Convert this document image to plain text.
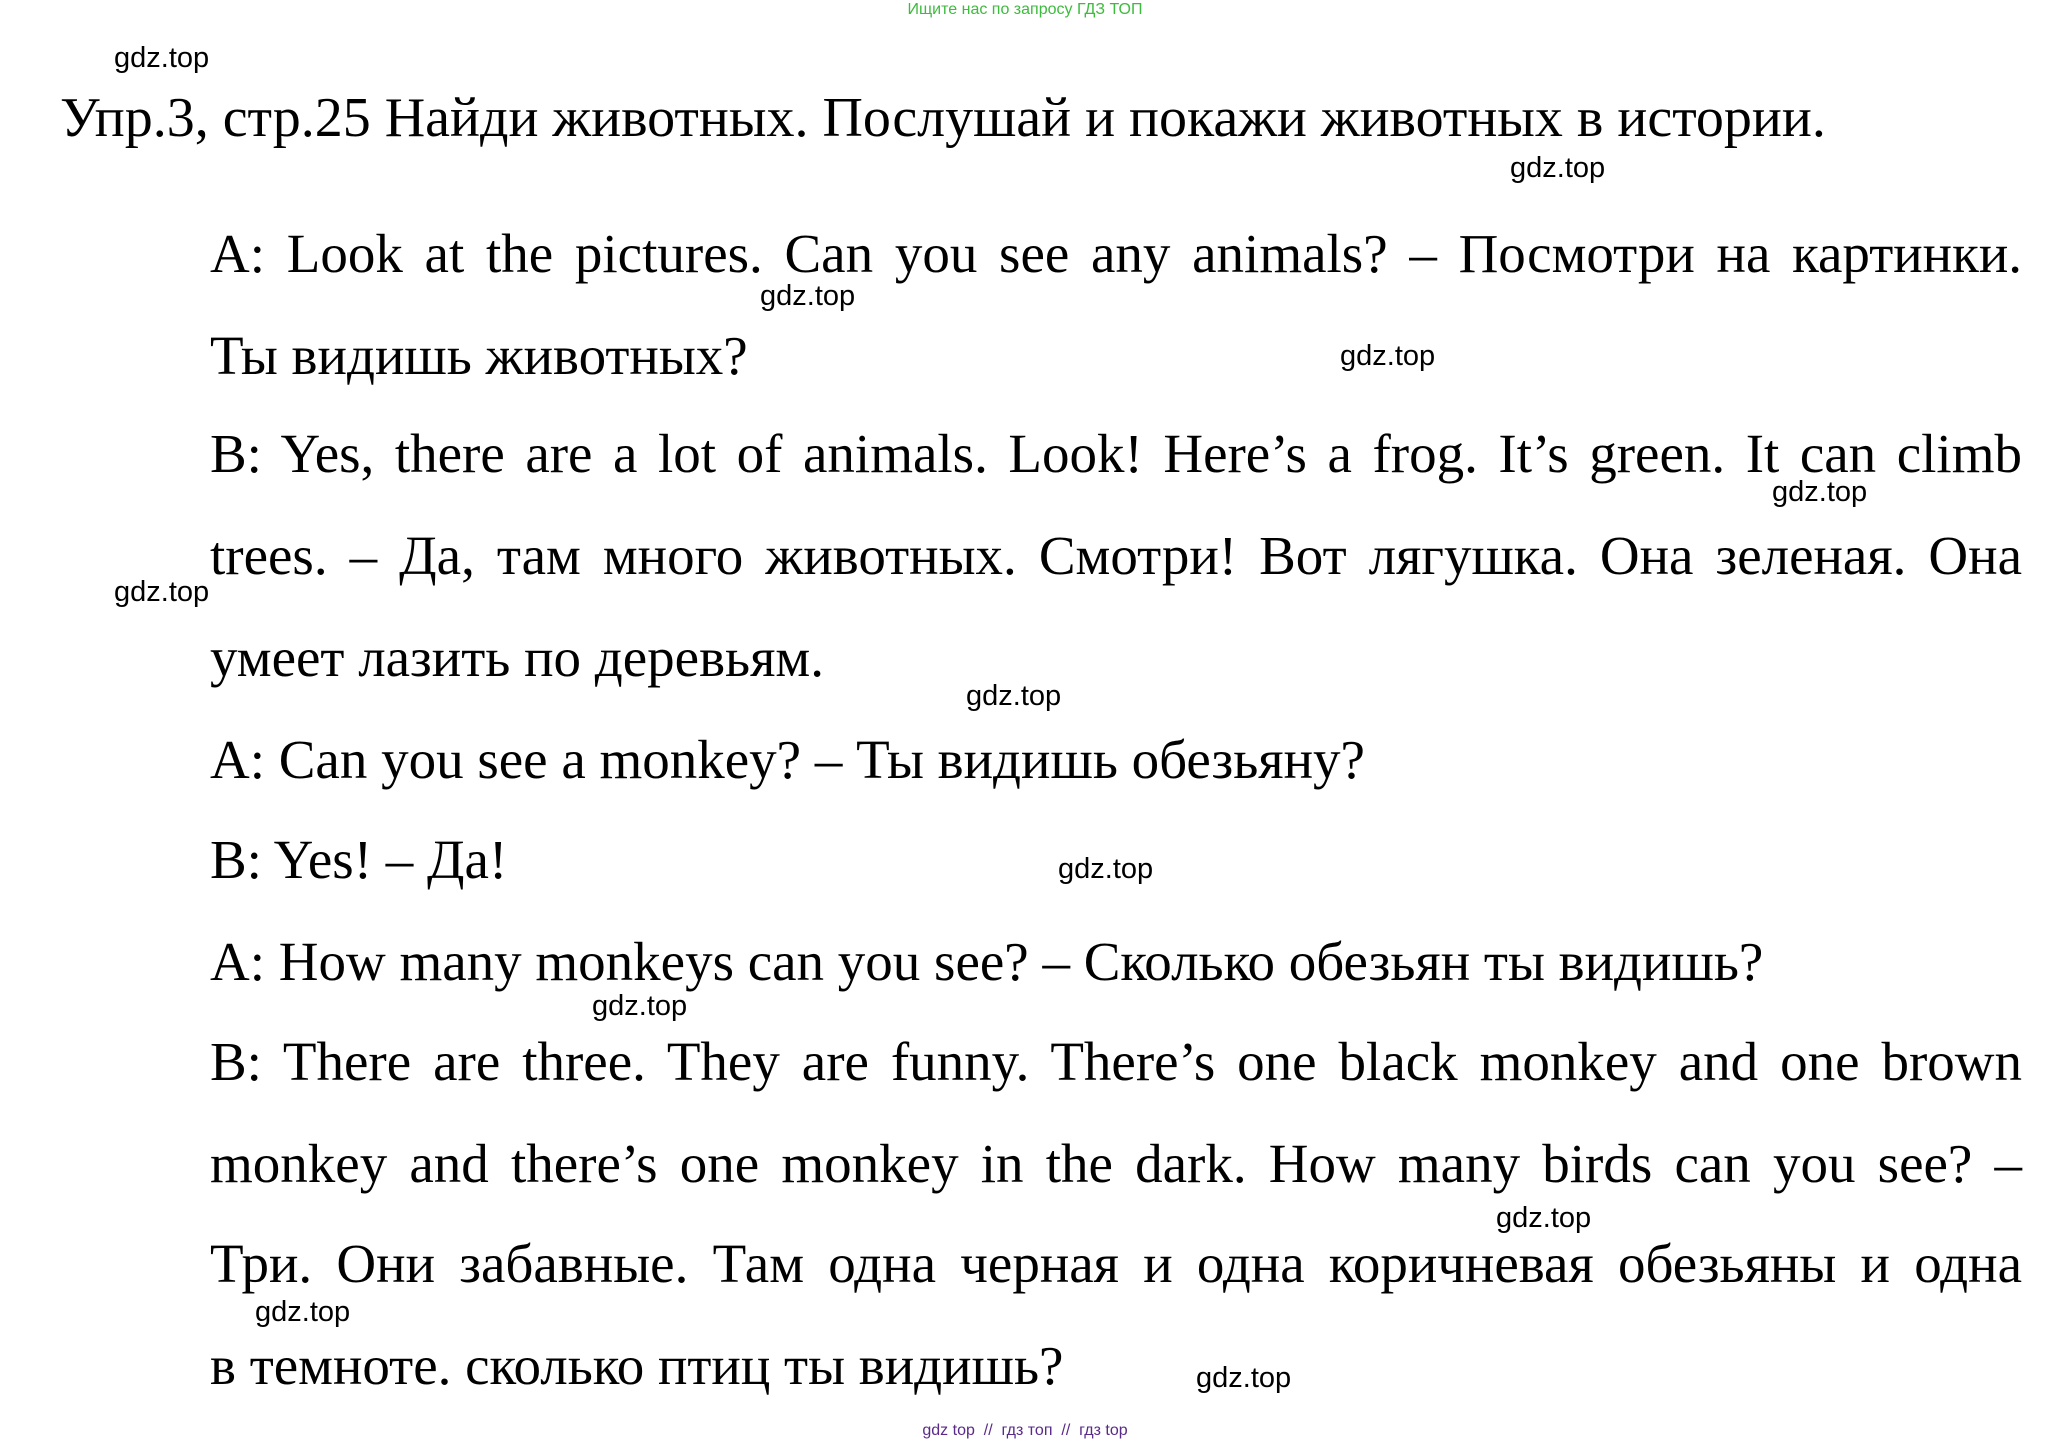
Ищите нас по запросу ГДЗ ТОП
Упр.3, стр.25 Найди животных. Послушай и покажи животных в истории.
A: Look at the pictures. Can you see any animals? – Посмотри на картинки.
Ты видишь животных?
B: Yes, there are a lot of animals. Look! Here’s a frog. It’s green. It can climb
trees. – Да, там много животных. Смотри! Вот лягушка. Она зеленая. Она
умеет лазить по деревьям.
A: Can you see a monkey? – Ты видишь обезьяну?
B: Yes! – Да!
A: How many monkeys can you see? – Сколько обезьян ты видишь?
B: There are three. They are funny. There’s one black monkey and one brown
monkey and there’s one monkey in the dark. How many birds can you see? –
Три. Они забавные. Там одна черная и одна коричневая обезьяны и одна
в темноте. сколько птиц ты видишь?
gdz.top
gdz.top
gdz.top
gdz.top
gdz.top
gdz.top
gdz.top
gdz.top
gdz.top
gdz.top
gdz.top
gdz.top
gdz top  //  гдз топ  //  гдз top
